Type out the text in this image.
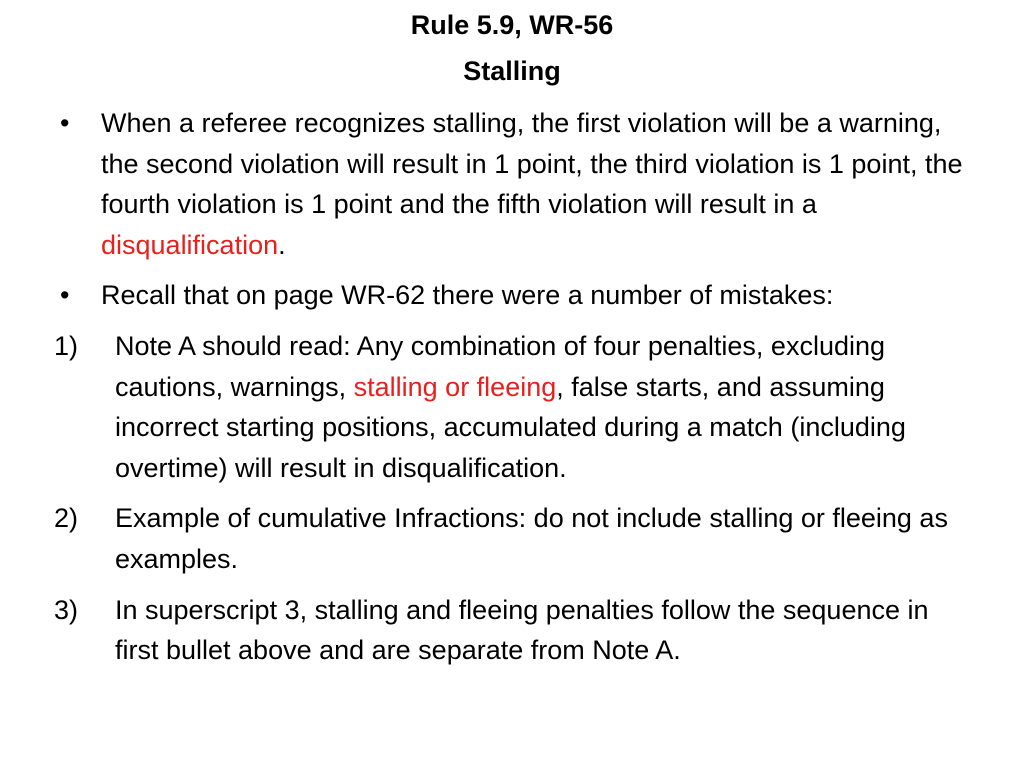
Rule 5.9, WR-56
Stalling
• When a referee recognizes stalling, the first violation will be a warning, the second violation will result in 1 point, the third violation is 1 point, the fourth violation is 1 point and the fifth violation will result in a disqualification.
• Recall that on page WR-62 there were a number of mistakes:
1) Note A should read: Any combination of four penalties, excluding cautions, warnings, stalling or fleeing, false starts, and assuming incorrect starting positions, accumulated during a match (including overtime) will result in disqualification.
2) Example of cumulative Infractions: do not include stalling or fleeing as examples.
3) In superscript 3, stalling and fleeing penalties follow the sequence in first bullet above and are separate from Note A.
